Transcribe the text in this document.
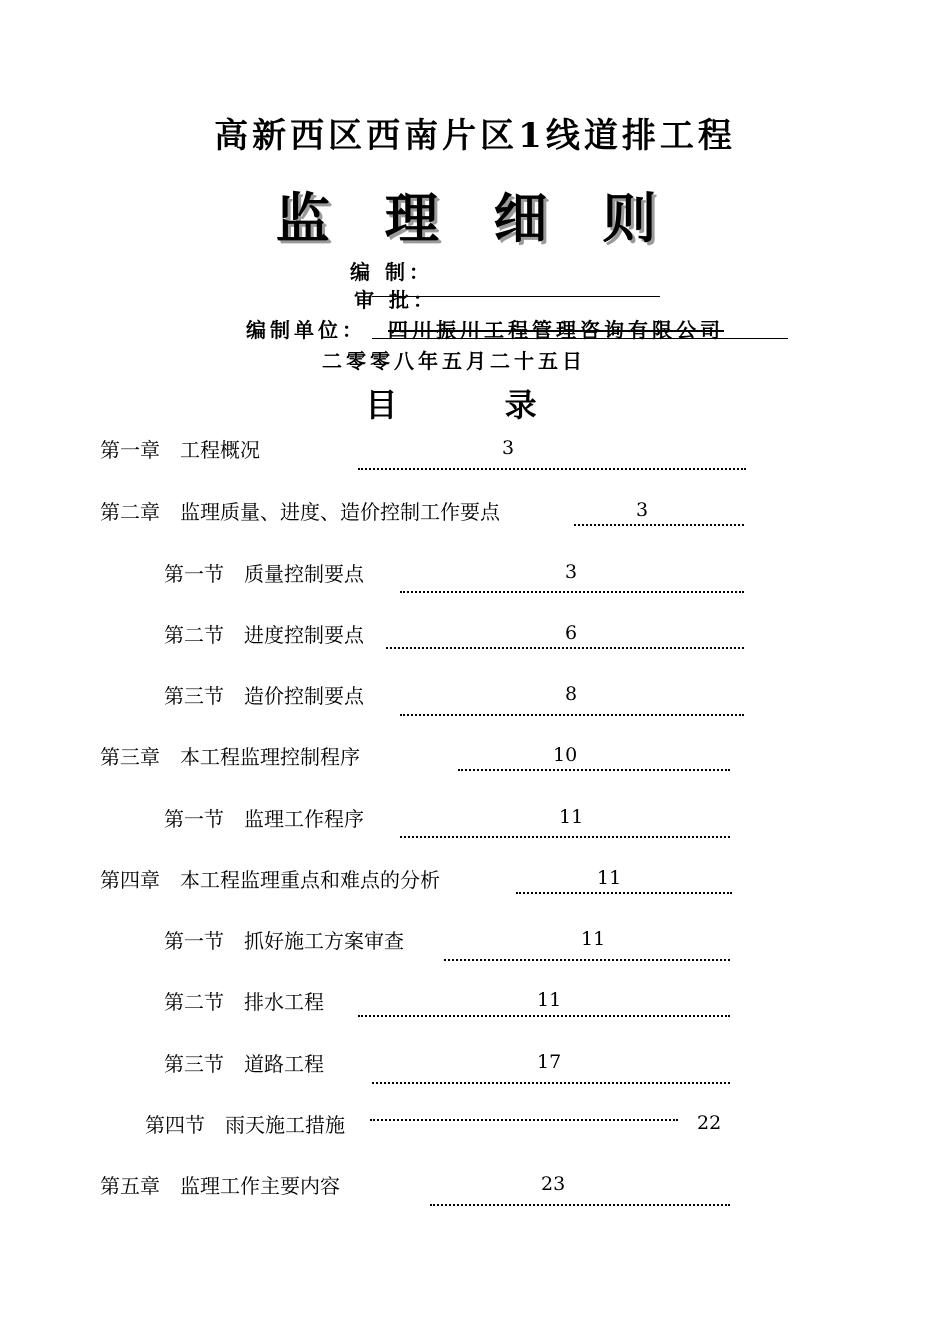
高新西区西南片区1线道排工程
监 理 细 则
编 制：
审 批：
编制单位： 四川振川工程管理咨询有限公司
二零零八年五月二十五日
目 录
第一章　工程概况	3
第二章　监理质量、进度、造价控制工作要点	3
第一节　质量控制要点	3
第二节　进度控制要点	6
第三节　造价控制要点	8
第三章　本工程监理控制程序	10
第一节　监理工作程序	11
第四章　本工程监理重点和难点的分析	11
第一节　抓好施工方案审查	11
第二节　排水工程	11
第三节　道路工程	17
第四节　雨天施工措施	22
第五章　监理工作主要内容	23
